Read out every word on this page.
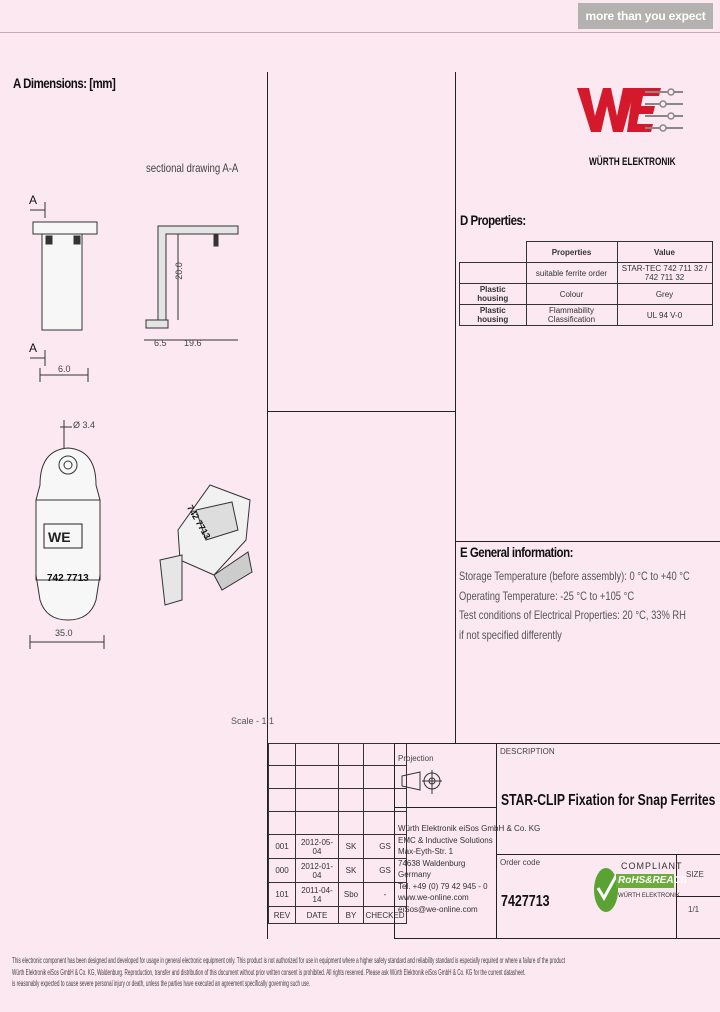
more than you expect
A Dimensions: [mm]
sectional drawing A-A
WE
A
A
20.0
6.5 19.6
6.0
Ø 3.4
35.0
742 7713
742 7713
Scale - 1:1
WÜRTH ELEKTRONIK
D Properties:
	Properties	Value
	suitable ferrite order	STAR-TEC 742 711 32 / 742 711 32
Plastic housing	Colour	Grey
Plastic housing	Flammability Classification	UL 94 V-0
E General information:
Storage Temperature (before assembly): 0 °C to +40 °C
Operating Temperature: -25 °C to +105 °C
Test conditions of Electrical Properties: 20 °C, 33% RH
if not specified differently

001	2012-05-04	SK	GS
000	2012-01-04	SK	GS
101	2011-04-14	Sbo	-
REV	DATE	BY	CHECKED
Projection
DESCRIPTION
STAR-CLIP Fixation for Snap Ferrites
Order code
7427713
SIZE
1/1
COMPLIANT
RoHS&REACh
WÜRTH ELEKTRONIK
Würth Elektronik eiSos GmbH & Co. KG
EMC & Inductive Solutions
Max-Eyth-Str. 1
74638 Waldenburg
Germany
Tel. +49 (0) 79 42 945 - 0
www.we-online.com
eiSos@we-online.com
This electronic component has been designed and developed for usage in general electronic equipment only. This product is not authorized for use in equipment where a higher safety standard and reliability standard is especially required or where a failure of the product
Würth Elektronik eiSos GmbH & Co. KG, Waldenburg. Reproduction, transfer and distribution of this document without prior written consent is prohibited. All rights reserved. Please ask Würth Elektronik eiSos GmbH & Co. KG for the current datasheet.
is reasonably expected to cause severe personal injury or death, unless the parties have executed an agreement specifically governing such use.
